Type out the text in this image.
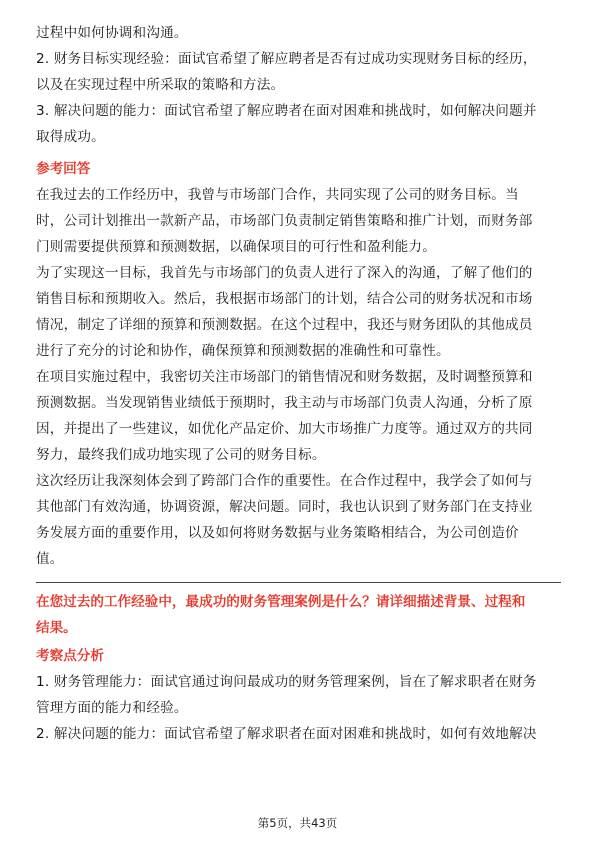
过程中如何协调和沟通。

2. 财务目标实现经验：面试官希望了解应聘者是否有过成功实现财务目标的经历，

以及在实现过程中所采取的策略和方法。

3. 解决问题的能力：面试官希望了解应聘者在面对困难和挑战时，如何解决问题并

取得成功。

参考回答

在我过去的工作经历中，我曾与市场部门合作，共同实现了公司的财务目标。当

时，公司计划推出一款新产品，市场部门负责制定销售策略和推广计划，而财务部

门则需要提供预算和预测数据，以确保项目的可行性和盈利能力。

为了实现这一目标，我首先与市场部门的负责人进行了深入的沟通，了解了他们的

销售目标和预期收入。然后，我根据市场部门的计划，结合公司的财务状况和市场

情况，制定了详细的预算和预测数据。在这个过程中，我还与财务团队的其他成员

进行了充分的讨论和协作，确保预算和预测数据的准确性和可靠性。

在项目实施过程中，我密切关注市场部门的销售情况和财务数据，及时调整预算和

预测数据。当发现销售业绩低于预期时，我主动与市场部门负责人沟通，分析了原

因，并提出了一些建议，如优化产品定价、加大市场推广力度等。通过双方的共同

努力，最终我们成功地实现了公司的财务目标。

这次经历让我深刻体会到了跨部门合作的重要性。在合作过程中，我学会了如何与

其他部门有效沟通，协调资源，解决问题。同时，我也认识到了财务部门在支持业

务发展方面的重要作用，以及如何将财务数据与业务策略相结合，为公司创造价

值。

在您过去的工作经验中，最成功的财务管理案例是什么？请详细描述背景、过程和

结果。

考察点分析

1. 财务管理能力：面试官通过询问最成功的财务管理案例，旨在了解求职者在财务

管理方面的能力和经验。

2. 解决问题的能力：面试官希望了解求职者在面对困难和挑战时，如何有效地解决

第5页，共43页
